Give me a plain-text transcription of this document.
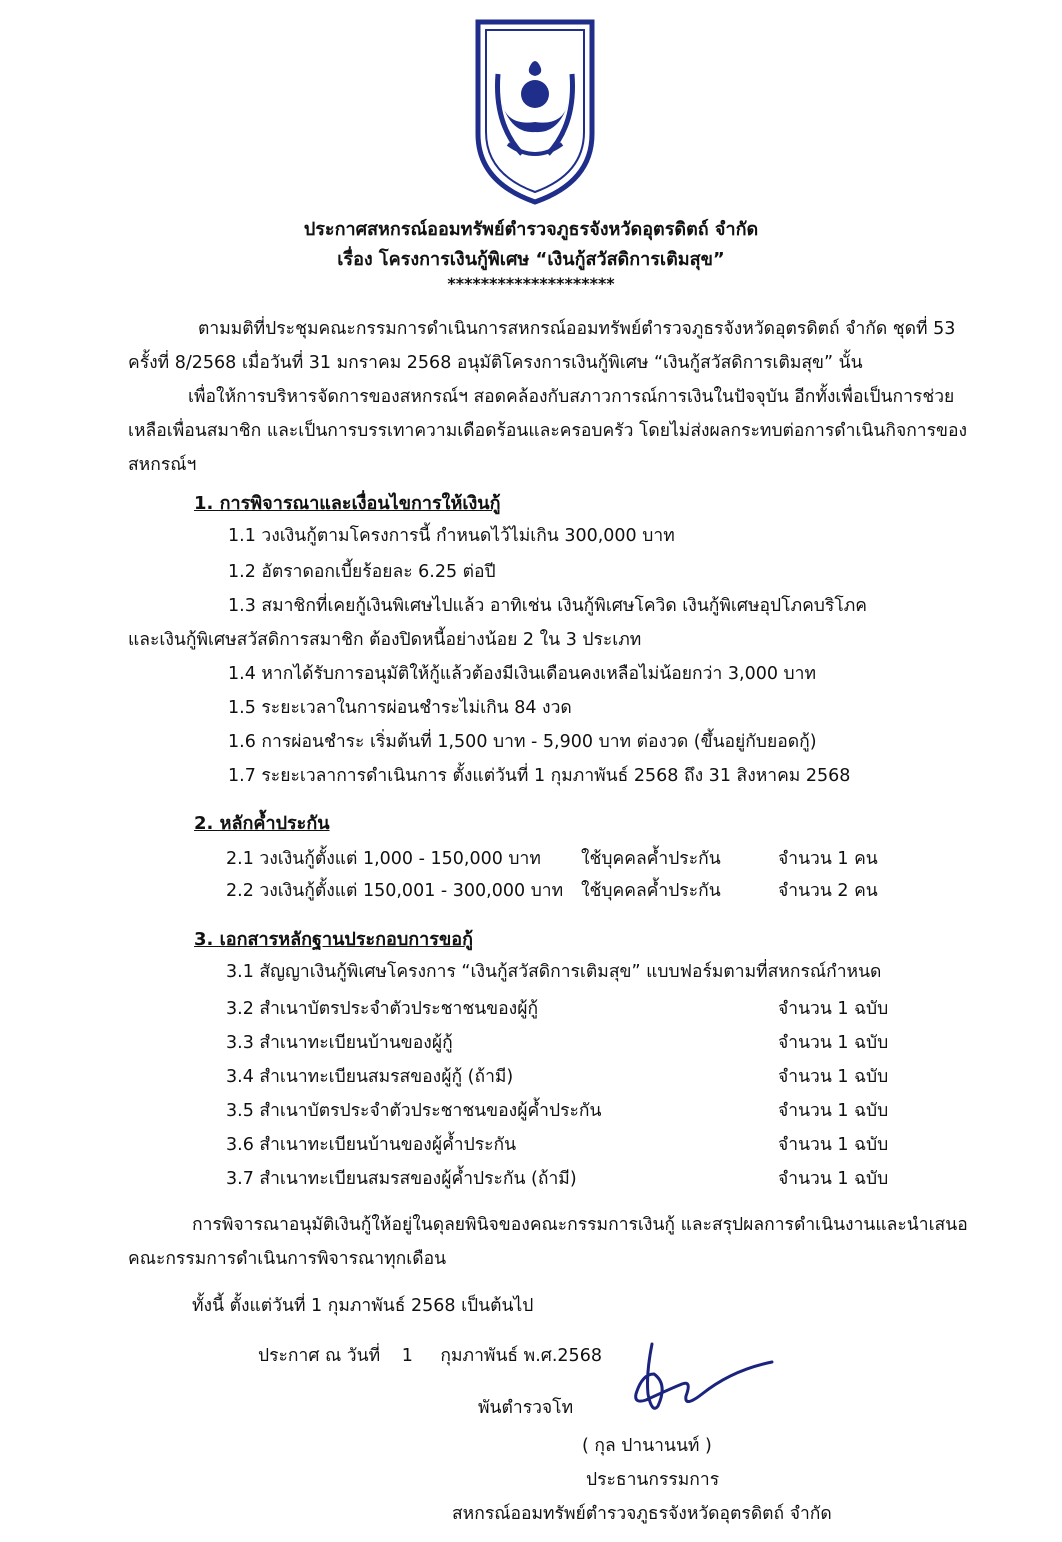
ประกาศสหกรณ์ออมทรัพย์ตำรวจภูธรจังหวัดอุตรดิตถ์ จำกัด
เรื่อง โครงการเงินกู้พิเศษ “เงินกู้สวัสดิการเติมสุข”
********************
ตามมติที่ประชุมคณะกรรมการดำเนินการสหกรณ์ออมทรัพย์ตำรวจภูธรจังหวัดอุตรดิตถ์ จำกัด ชุดที่ 53 ครั้งที่ 8/2568 เมื่อวันที่ 31 มกราคม 2568 อนุมัติโครงการเงินกู้พิเศษ “เงินกู้สวัสดิการเติมสุข” นั้น
เพื่อให้การบริหารจัดการของสหกรณ์ฯ สอดคล้องกับสภาวการณ์การเงินในปัจจุบัน อีกทั้งเพื่อเป็นการช่วยเหลือเพื่อนสมาชิก และเป็นการบรรเทาความเดือดร้อนและครอบครัว โดยไม่ส่งผลกระทบต่อการดำเนินกิจการของสหกรณ์ฯ
1. การพิจารณาและเงื่อนไขการให้เงินกู้
1.1 วงเงินกู้ตามโครงการนี้ กำหนดไว้ไม่เกิน 300,000 บาท
1.2 อัตราดอกเบี้ยร้อยละ 6.25 ต่อปี
1.3 สมาชิกที่เคยกู้เงินพิเศษไปแล้ว อาทิเช่น เงินกู้พิเศษโควิด เงินกู้พิเศษอุปโภคบริโภค
และเงินกู้พิเศษสวัสดิการสมาชิก ต้องปิดหนี้อย่างน้อย 2 ใน 3 ประเภท
1.4 หากได้รับการอนุมัติให้กู้แล้วต้องมีเงินเดือนคงเหลือไม่น้อยกว่า 3,000 บาท
1.5 ระยะเวลาในการผ่อนชำระไม่เกิน 84 งวด
1.6 การผ่อนชำระ เริ่มต้นที่ 1,500 บาท - 5,900 บาท ต่องวด (ขึ้นอยู่กับยอดกู้)
1.7 ระยะเวลาการดำเนินการ ตั้งแต่วันที่ 1 กุมภาพันธ์ 2568 ถึง 31 สิงหาคม 2568
2. หลักค้ำประกัน
2.1 วงเงินกู้ตั้งแต่ 1,000 - 150,000 บาท ใช้บุคคลค้ำประกัน	จำนวน 1 คน
2.2 วงเงินกู้ตั้งแต่ 150,001 - 300,000 บาท ใช้บุคคลค้ำประกัน	จำนวน 2 คน
3. เอกสารหลักฐานประกอบการขอกู้
3.1 สัญญาเงินกู้พิเศษโครงการ “เงินกู้สวัสดิการเติมสุข” แบบฟอร์มตามที่สหกรณ์กำหนด
3.2 สำเนาบัตรประจำตัวประชาชนของผู้กู้	จำนวน 1 ฉบับ
3.3 สำเนาทะเบียนบ้านของผู้กู้	จำนวน 1 ฉบับ
3.4 สำเนาทะเบียนสมรสของผู้กู้ (ถ้ามี)	จำนวน 1 ฉบับ
3.5 สำเนาบัตรประจำตัวประชาชนของผู้ค้ำประกัน	จำนวน 1 ฉบับ
3.6 สำเนาทะเบียนบ้านของผู้ค้ำประกัน	จำนวน 1 ฉบับ
3.7 สำเนาทะเบียนสมรสของผู้ค้ำประกัน (ถ้ามี)	จำนวน 1 ฉบับ
การพิจารณาอนุมัติเงินกู้ให้อยู่ในดุลยพินิจของคณะกรรมการเงินกู้ และสรุปผลการดำเนินงานและนำเสนอคณะกรรมการดำเนินการพิจารณาทุกเดือน
ทั้งนี้ ตั้งแต่วันที่ 1 กุมภาพันธ์ 2568 เป็นต้นไป
ประกาศ ณ วันที่ 1 กุมภาพันธ์ พ.ศ.2568
พันตำรวจโท
( กุล ปานานนท์ )
ประธานกรรมการ
สหกรณ์ออมทรัพย์ตำรวจภูธรจังหวัดอุตรดิตถ์ จำกัด
